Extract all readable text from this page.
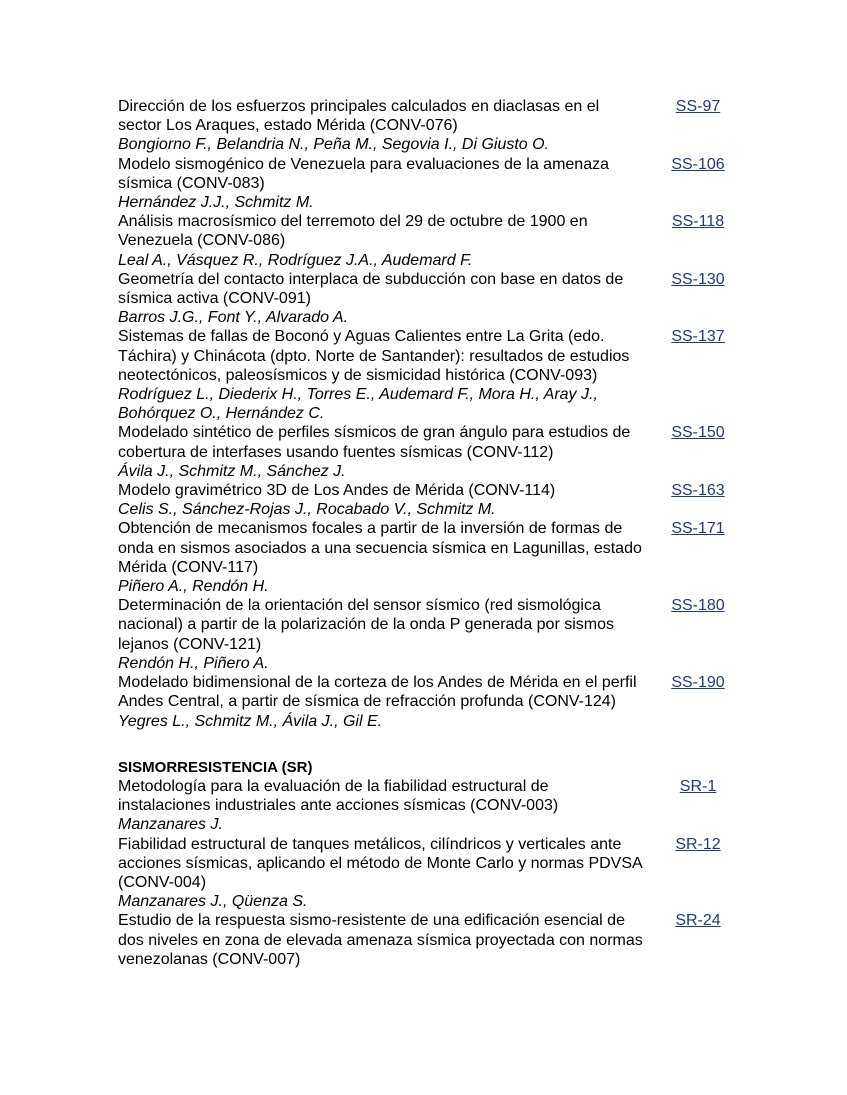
Dirección de los esfuerzos principales calculados en diaclasas en el sector Los Araques, estado Mérida (CONV-076)
Bongiorno F., Belandria N., Peña M., Segovia I., Di Giusto O.
SS-97
Modelo sismogénico de Venezuela para evaluaciones de la amenaza sísmica (CONV-083)
Hernández J.J., Schmitz M.
SS-106
Análisis macrosísmico del terremoto del 29 de octubre de 1900 en Venezuela (CONV-086)
Leal A., Vásquez R., Rodríguez J.A., Audemard F.
SS-118
Geometría del contacto interplaca de subducción con base en datos de sísmica activa (CONV-091)
Barros J.G., Font Y., Alvarado A.
SS-130
Sistemas de fallas de Boconó y Aguas Calientes entre La Grita (edo. Táchira) y Chinácota (dpto. Norte de Santander): resultados de estudios neotectónicos, paleosísmicos y de sismicidad histórica (CONV-093)
Rodríguez L., Diederix H., Torres E., Audemard F., Mora H., Aray J., Bohórquez O., Hernández C.
SS-137
Modelado sintético de perfiles sísmicos de gran ángulo para estudios de cobertura de interfases usando fuentes sísmicas (CONV-112)
Ávila J., Schmitz M., Sánchez J.
SS-150
Modelo gravimétrico 3D de Los Andes de Mérida (CONV-114)
Celis S., Sánchez-Rojas J., Rocabado V., Schmitz M.
SS-163
Obtención de mecanismos focales a partir de la inversión de formas de onda en sismos asociados a una secuencia sísmica en Lagunillas, estado Mérida (CONV-117)
Piñero A., Rendón H.
SS-171
Determinación de la orientación del sensor sísmico (red sismológica nacional) a partir de la polarización de la onda P generada por sismos lejanos (CONV-121)
Rendón H., Piñero A.
SS-180
Modelado bidimensional de la corteza de los Andes de Mérida en el perfil Andes Central, a partir de sísmica de refracción profunda (CONV-124)
Yegres L., Schmitz M., Ávila J., Gil E.
SS-190
SISMORRESISTENCIA (SR)
Metodología para la evaluación de la fiabilidad estructural de instalaciones industriales ante acciones sísmicas (CONV-003)
Manzanares J.
SR-1
Fiabilidad estructural de tanques metálicos, cilíndricos y verticales ante acciones sísmicas, aplicando el método de Monte Carlo y normas PDVSA (CONV-004)
Manzanares J., Qüenza S.
SR-12
Estudio de la respuesta sismo-resistente de una edificación esencial de dos niveles en zona de elevada amenaza sísmica proyectada con normas venezolanas (CONV-007)
SR-24
